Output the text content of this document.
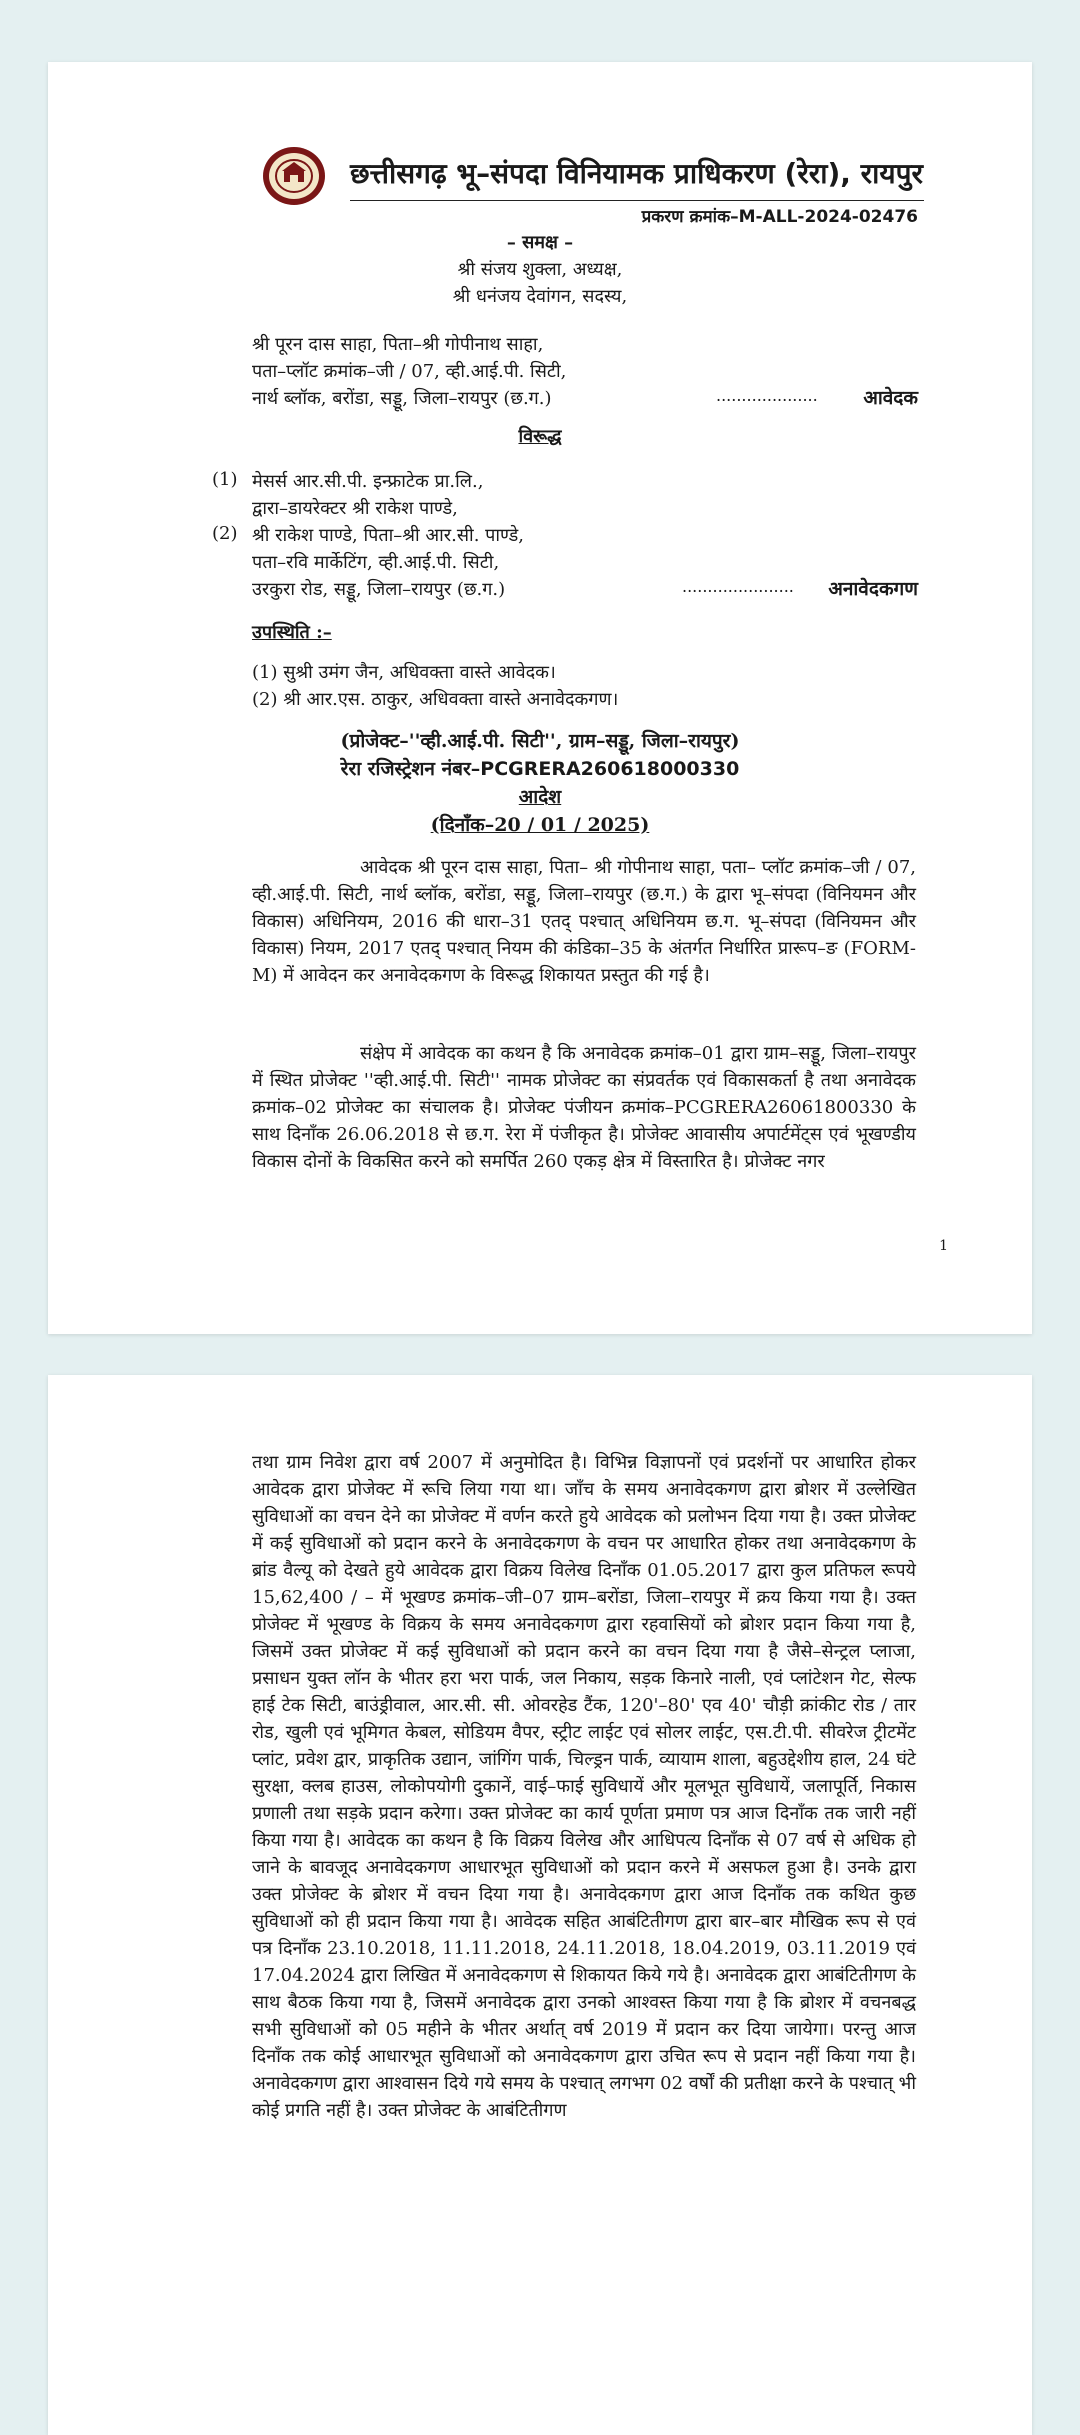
छत्तीसगढ़ भू–संपदा विनियामक प्राधिकरण (रेरा), रायपुर
प्रकरण क्रमांक–M-ALL-2024-02476
– समक्ष –
श्री संजय शुक्ला, अध्यक्ष,
श्री धनंजय देवांगन, सदस्य,
श्री पूरन दास साहा, पिता–श्री गोपीनाथ साहा,
पता–प्लॉट क्रमांक–जी / 07, व्ही.आई.पी. सिटी,
नार्थ ब्लॉक, बरोंडा, सड्डू, जिला–रायपुर (छ.ग.)	.................... आवेदक
विरूद्ध
(1) मेसर्स आर.सी.पी. इन्फ्राटेक प्रा.लि.,
द्वारा–डायरेक्टर श्री राकेश पाण्डे,
(2) श्री राकेश पाण्डे, पिता–श्री आर.सी. पाण्डे,
पता–रवि मार्केटिंग, व्ही.आई.पी. सिटी,
उरकुरा रोड, सड्डू, जिला–रायपुर (छ.ग.)	...................... अनावेदकगण
उपस्थिति :–
(1) सुश्री उमंग जैन, अधिवक्ता वास्ते आवेदक।
(2) श्री आर.एस. ठाकुर, अधिवक्ता वास्ते अनावेदकगण।
(प्रोजेक्ट–''व्ही.आई.पी. सिटी'', ग्राम–सड्डू, जिला–रायपुर)
रेरा रजिस्ट्रेशन नंबर–PCGRERA260618000330
आदेश
(दिनाँक–20 / 01 / 2025)
आवेदक श्री पूरन दास साहा, पिता– श्री गोपीनाथ साहा, पता– प्लॉट क्रमांक–जी / 07, व्ही.आई.पी. सिटी, नार्थ ब्लॉक, बरोंडा, सड्डू, जिला–रायपुर (छ.ग.) के द्वारा भू–संपदा (विनियमन और विकास) अधिनियम, 2016 की धारा–31 एतद् पश्चात् अधिनियम छ.ग. भू–संपदा (विनियमन और विकास) नियम, 2017 एतद् पश्चात् नियम की कंडिका–35 के अंतर्गत निर्धारित प्रारूप–ङ (FORM-M) में आवेदन कर अनावेदकगण के विरूद्ध शिकायत प्रस्तुत की गई है।
संक्षेप में आवेदक का कथन है कि अनावेदक क्रमांक–01 द्वारा ग्राम–सड्डू, जिला–रायपुर में स्थित प्रोजेक्ट ''व्ही.आई.पी. सिटी'' नामक प्रोजेक्ट का संप्रवर्तक एवं विकासकर्ता है तथा अनावेदक क्रमांक–02 प्रोजेक्ट का संचालक है। प्रोजेक्ट पंजीयन क्रमांक–PCGRERA26061800330 के साथ दिनाँक 26.06.2018 से छ.ग. रेरा में पंजीकृत है। प्रोजेक्ट आवासीय अपार्टमेंट्स एवं भूखण्डीय विकास दोनों के विकसित करने को समर्पित 260 एकड़ क्षेत्र में विस्तारित है। प्रोजेक्ट नगर
1
तथा ग्राम निवेश द्वारा वर्ष 2007 में अनुमोदित है। विभिन्न विज्ञापनों एवं प्रदर्शनों पर आधारित होकर आवेदक द्वारा प्रोजेक्ट में रूचि लिया गया था। जाँच के समय अनावेदकगण द्वारा ब्रोशर में उल्लेखित सुविधाओं का वचन देने का प्रोजेक्ट में वर्णन करते हुये आवेदक को प्रलोभन दिया गया है। उक्त प्रोजेक्ट में कई सुविधाओं को प्रदान करने के अनावेदकगण के वचन पर आधारित होकर तथा अनावेदकगण के ब्रांड वैल्यू को देखते हुये आवेदक द्वारा विक्रय विलेख दिनाँक 01.05.2017 द्वारा कुल प्रतिफल रूपये 15,62,400 / – में भूखण्ड क्रमांक–जी–07 ग्राम–बरोंडा, जिला–रायपुर में क्रय किया गया है। उक्त प्रोजेक्ट में भूखण्ड के विक्रय के समय अनावेदकगण द्वारा रहवासियों को ब्रोशर प्रदान किया गया है, जिसमें उक्त प्रोजेक्ट में कई सुविधाओं को प्रदान करने का वचन दिया गया है जैसे–सेन्ट्रल प्लाजा, प्रसाधन युक्त लॉन के भीतर हरा भरा पार्क, जल निकाय, सड़क किनारे नाली, एवं प्लांटेशन गेट, सेल्फ हाई टेक सिटी, बाउंड्रीवाल, आर.सी. सी. ओवरहेड टैंक, 120'–80' एव 40' चौड़ी क्रांकीट रोड / तार रोड, खुली एवं भूमिगत केबल, सोडियम वैपर, स्ट्रीट लाईट एवं सोलर लाईट, एस.टी.पी. सीवरेज ट्रीटमेंट प्लांट, प्रवेश द्वार, प्राकृतिक उद्यान, जांगिंग पार्क, चिल्ड्रन पार्क, व्यायाम शाला, बहुउद्देशीय हाल, 24 घंटे सुरक्षा, क्लब हाउस, लोकोपयोगी दुकानें, वाई–फाई सुविधायें और मूलभूत सुविधायें, जलापूर्ति, निकास प्रणाली तथा सड़के प्रदान करेगा। उक्त प्रोजेक्ट का कार्य पूर्णता प्रमाण पत्र आज दिनाँक तक जारी नहीं किया गया है। आवेदक का कथन है कि विक्रय विलेख और आधिपत्य दिनाँक से 07 वर्ष से अधिक हो जाने के बावजूद अनावेदकगण आधारभूत सुविधाओं को प्रदान करने में असफल हुआ है। उनके द्वारा उक्त प्रोजेक्ट के ब्रोशर में वचन दिया गया है। अनावेदकगण द्वारा आज दिनाँक तक कथित कुछ सुविधाओं को ही प्रदान किया गया है। आवेदक सहित आबंटितीगण द्वारा बार–बार मौखिक रूप से एवं पत्र दिनाँक 23.10.2018, 11.11.2018, 24.11.2018, 18.04.2019, 03.11.2019 एवं 17.04.2024 द्वारा लिखित में अनावेदकगण से शिकायत किये गये है। अनावेदक द्वारा आबंटितीगण के साथ बैठक किया गया है, जिसमें अनावेदक द्वारा उनको आश्वस्त किया गया है कि ब्रोशर में वचनबद्ध सभी सुविधाओं को 05 महीने के भीतर अर्थात् वर्ष 2019 में प्रदान कर दिया जायेगा। परन्तु आज दिनाँक तक कोई आधारभूत सुविधाओं को अनावेदकगण द्वारा उचित रूप से प्रदान नहीं किया गया है। अनावेदकगण द्वारा आश्वासन दिये गये समय के पश्चात् लगभग 02 वर्षों की प्रतीक्षा करने के पश्चात् भी कोई प्रगति नहीं है। उक्त प्रोजेक्ट के आबंटितीगण
